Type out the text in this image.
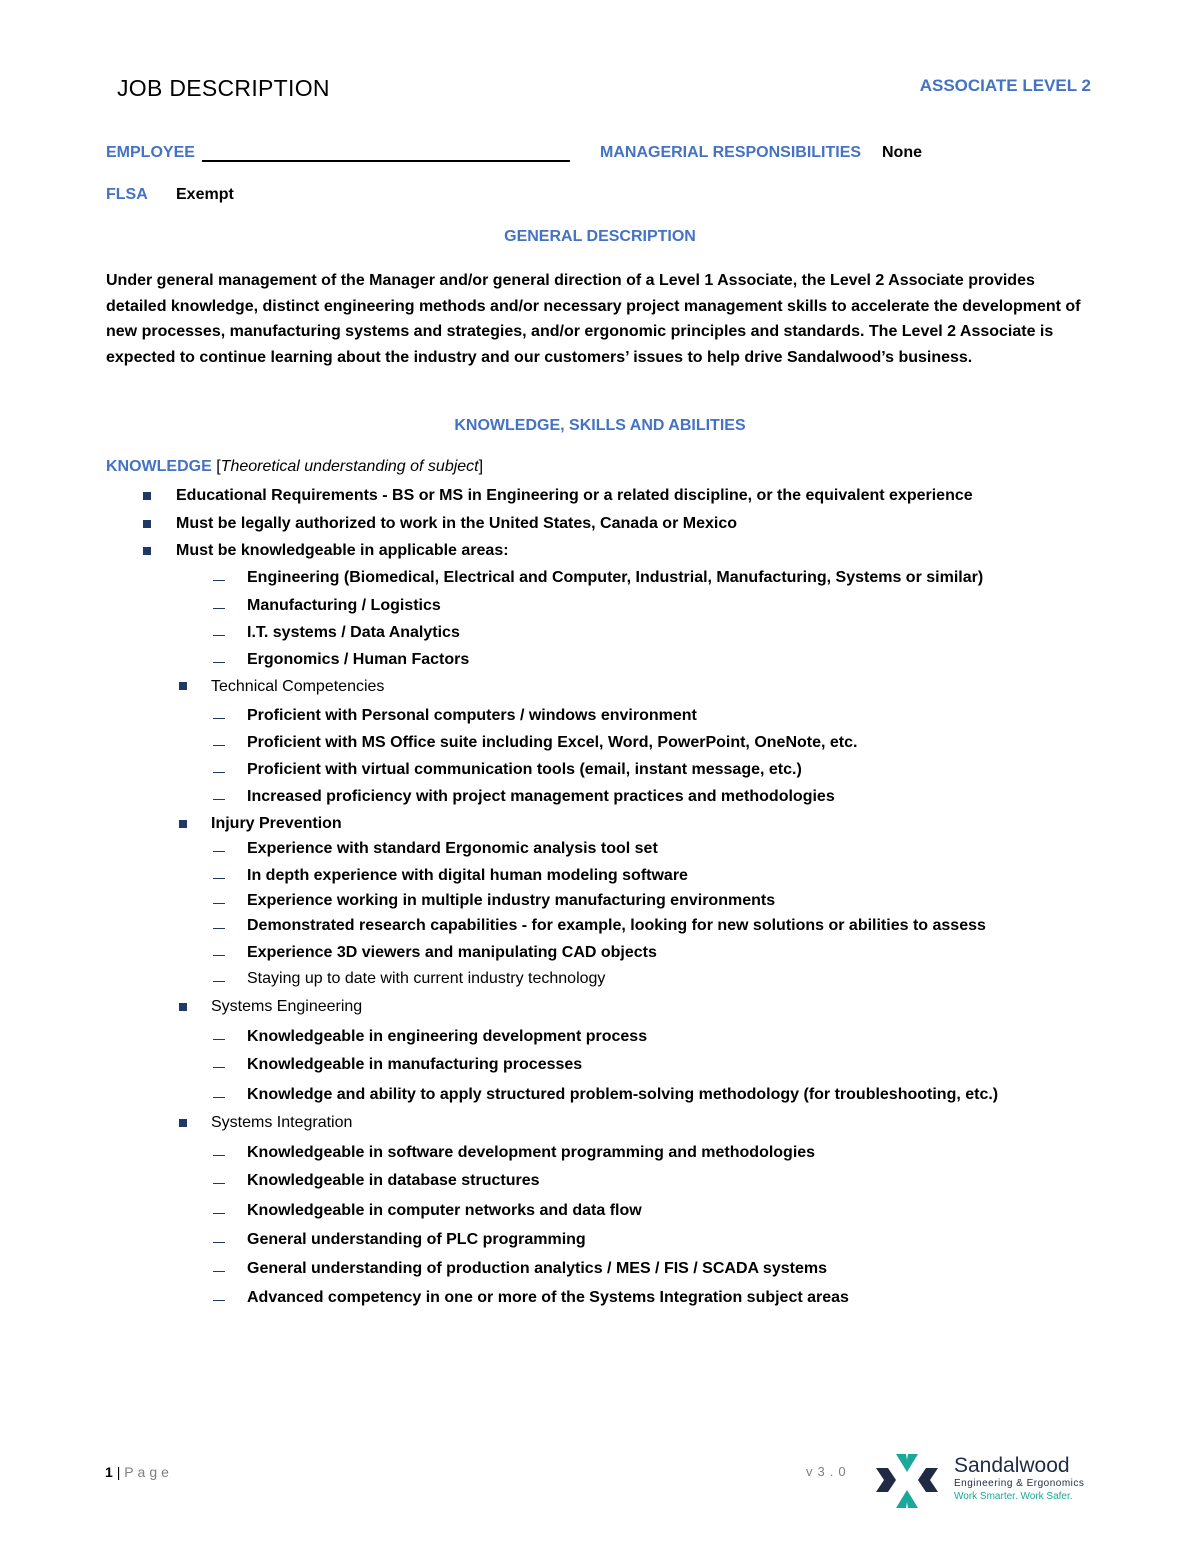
JOB DESCRIPTION	ASSOCIATE LEVEL 2
EMPLOYEE	MANAGERIAL RESPONSIBILITIES None
FLSA Exempt
GENERAL DESCRIPTION
Under general management of the Manager and/or general direction of a Level 1 Associate, the Level 2 Associate provides detailed knowledge, distinct engineering methods and/or necessary project management skills to accelerate the development of new processes, manufacturing systems and strategies, and/or ergonomic principles and standards. The Level 2 Associate is expected to continue learning about the industry and our customers’ issues to help drive Sandalwood’s business.
KNOWLEDGE, SKILLS AND ABILITIES
KNOWLEDGE [Theoretical understanding of subject]
Educational Requirements - BS or MS in Engineering or a related discipline, or the equivalent experience
Must be legally authorized to work in the United States, Canada or Mexico
Must be knowledgeable in applicable areas:
Engineering (Biomedical, Electrical and Computer, Industrial, Manufacturing, Systems or similar)
Manufacturing / Logistics
I.T. systems / Data Analytics
Ergonomics / Human Factors
Technical Competencies
Proficient with Personal computers / windows environment
Proficient with MS Office suite including Excel, Word, PowerPoint, OneNote, etc.
Proficient with virtual communication tools (email, instant message, etc.)
Increased proficiency with project management practices and methodologies
Injury Prevention
Experience with standard Ergonomic analysis tool set
In depth experience with digital human modeling software
Experience working in multiple industry manufacturing environments
Demonstrated research capabilities - for example, looking for new solutions or abilities to assess
Experience 3D viewers and manipulating CAD objects
Staying up to date with current industry technology
Systems Engineering
Knowledgeable in engineering development process
Knowledgeable in manufacturing processes
Knowledge and ability to apply structured problem-solving methodology (for troubleshooting, etc.)
Systems Integration
Knowledgeable in software development programming and methodologies
Knowledgeable in database structures
Knowledgeable in computer networks and data flow
General understanding of PLC programming
General understanding of production analytics / MES / FIS / SCADA systems
Advanced competency in one or more of the Systems Integration subject areas
1 | Page	v3.0	Sandalwood
Engineering & Ergonomics
Work Smarter. Work Safer.
